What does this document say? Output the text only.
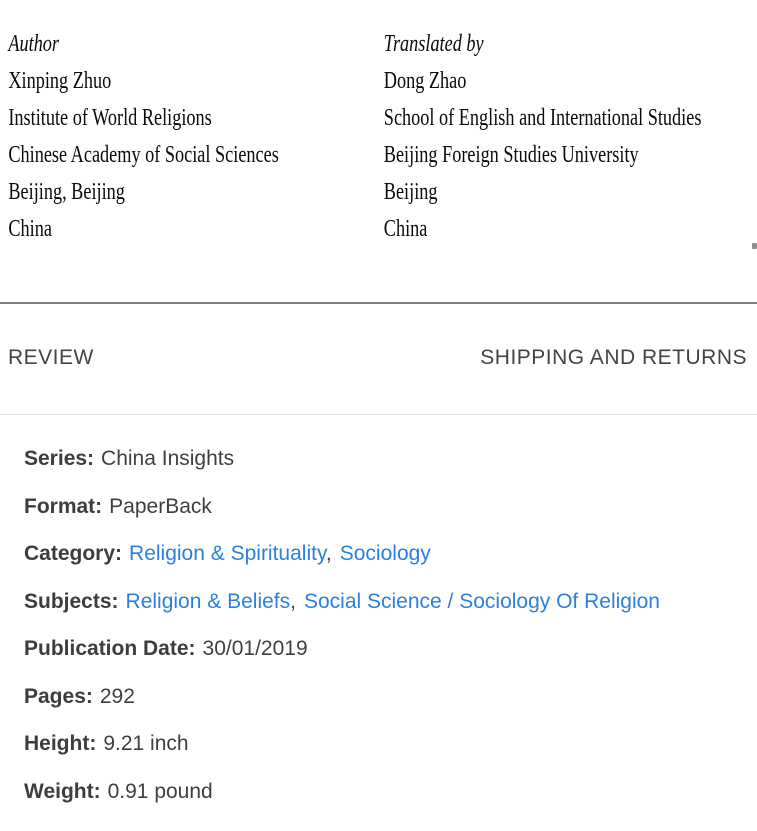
Author
Xinping Zhuo
Institute of World Religions
Chinese Academy of Social Sciences
Beijing, Beijing
China
Translated by
Dong Zhao
School of English and International Studies
Beijing Foreign Studies University
Beijing
China
REVIEW	SHIPPING AND RETURNS

Series: China Insights

Format: PaperBack

Category: Religion & Spirituality, Sociology

Subjects: Religion & Beliefs, Social Science / Sociology Of Religion

Publication Date: 30/01/2019

Pages: 292

Height: 9.21 inch

Weight: 0.91 pound
